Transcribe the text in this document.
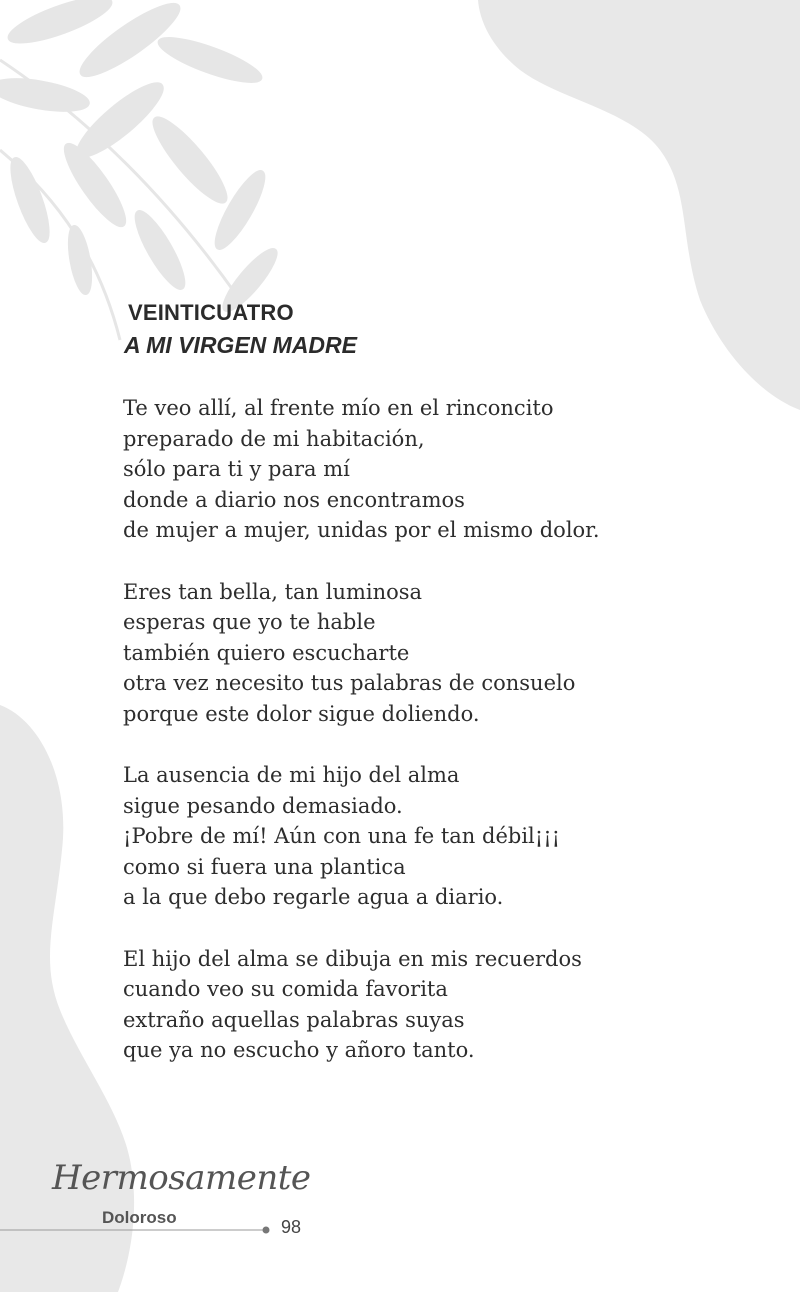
VEINTICUATRO
A MI VIRGEN MADRE
Te veo allí, al frente mío en el rinconcito
preparado de mi habitación,
sólo para ti y para mí
donde a diario nos encontramos
de mujer a mujer, unidas por el mismo dolor.
Eres tan bella, tan luminosa
esperas que yo te hable
también quiero escucharte
otra vez necesito tus palabras de consuelo
porque este dolor sigue doliendo.
La ausencia de mi hijo del alma
sigue pesando demasiado.
¡Pobre de mí! Aún con una fe tan débil¡¡¡
como si fuera una plantica
a la que debo regarle agua a diario.
El hijo del alma se dibuja en mis recuerdos
cuando veo su comida favorita
extraño aquellas palabras suyas
que ya no escucho y añoro tanto.
Hermosamente
Doloroso	98
